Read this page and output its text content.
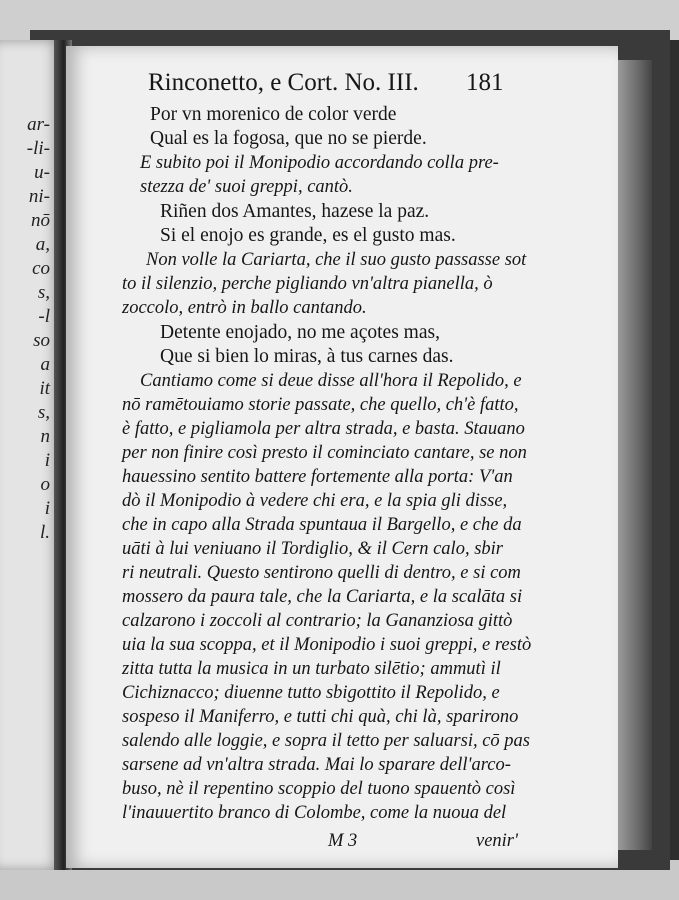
ar-
-li-
u-
ni-
nō
a,
co
s,
-l
so
a
it
s,
n
i
o
i
l.
Rinconetto, e Cort. No. III. 181
Por vn morenico de color verde
Qual es la fogosa, que no se pierde.
E subito poi il Monipodio accordando colla pre-
stezza de' suoi greppi, cantò.
Riñen dos Amantes, hazese la paz.
Si el enojo es grande, es el gusto mas.
Non volle la Cariarta, che il suo gusto passasse sot
to il silenzio, perche pigliando vn'altra pianella, ò
zoccolo, entrò in ballo cantando.
Detente enojado, no me açotes mas,
Que si bien lo miras, à tus carnes das.
Cantiamo come si deue disse all'hora il Repolido, e
nō ramētouiamo storie passate, che quello, ch'è fatto,
è fatto, e pigliamola per altra strada, e basta. Stauano
per non finire così presto il cominciato cantare, se non
hauessino sentito battere fortemente alla porta: V'an
dò il Monipodio à vedere chi era, e la spia gli disse,
che in capo alla Strada spuntaua il Bargello, e che da
uāti à lui veniuano il Tordiglio, & il Cern calo, sbir
ri neutrali. Questo sentirono quelli di dentro, e si com
mossero da paura tale, che la Cariarta, e la scalāta si
calzarono i zoccoli al contrario; la Gananziosa gittò
uia la sua scoppa, et il Monipodio i suoi greppi, e restò
zitta tutta la musica in un turbato silētio; ammutì il
Cichiznacco; diuenne tutto sbigottito il Repolido, e
sospeso il Maniferro, e tutti chi quà, chi là, sparirono
salendo alle loggie, e sopra il tetto per saluarsi, cō pas
sarsene ad vn'altra strada. Mai lo sparare dell'arco-
buso, nè il repentino scoppio del tuono spauentò così
l'inauuertito branco di Colombe, come la nuoua del
M 3	venir'
